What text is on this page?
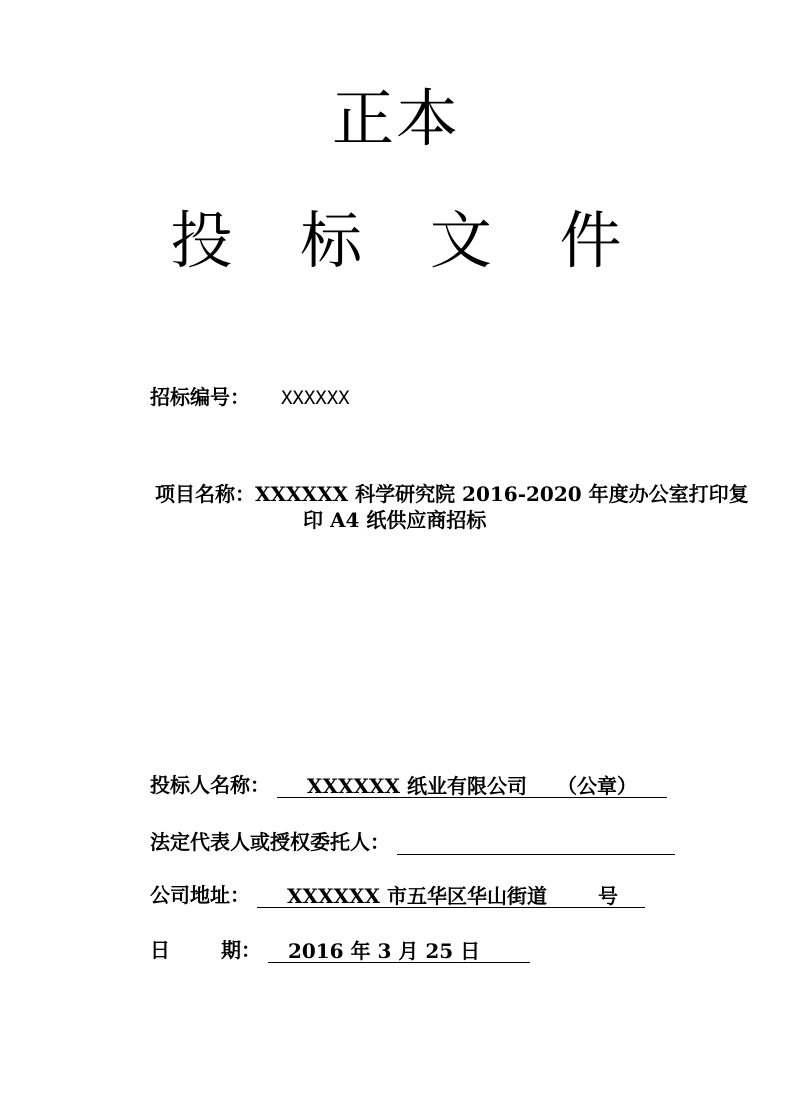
正本
投 标 文 件
招标编号： XXXXXX
项目名称：XXXXXX 科学研究院 2016-2020 年度办公室打印复
印 A4 纸供应商招标
投标人名称： XXXXXX 纸业有限公司　　（公章）
法定代表人或授权委托人：
公司地址： XXXXXX 市五华区华山街道	号
日	期： 2016 年 3 月 25 日
